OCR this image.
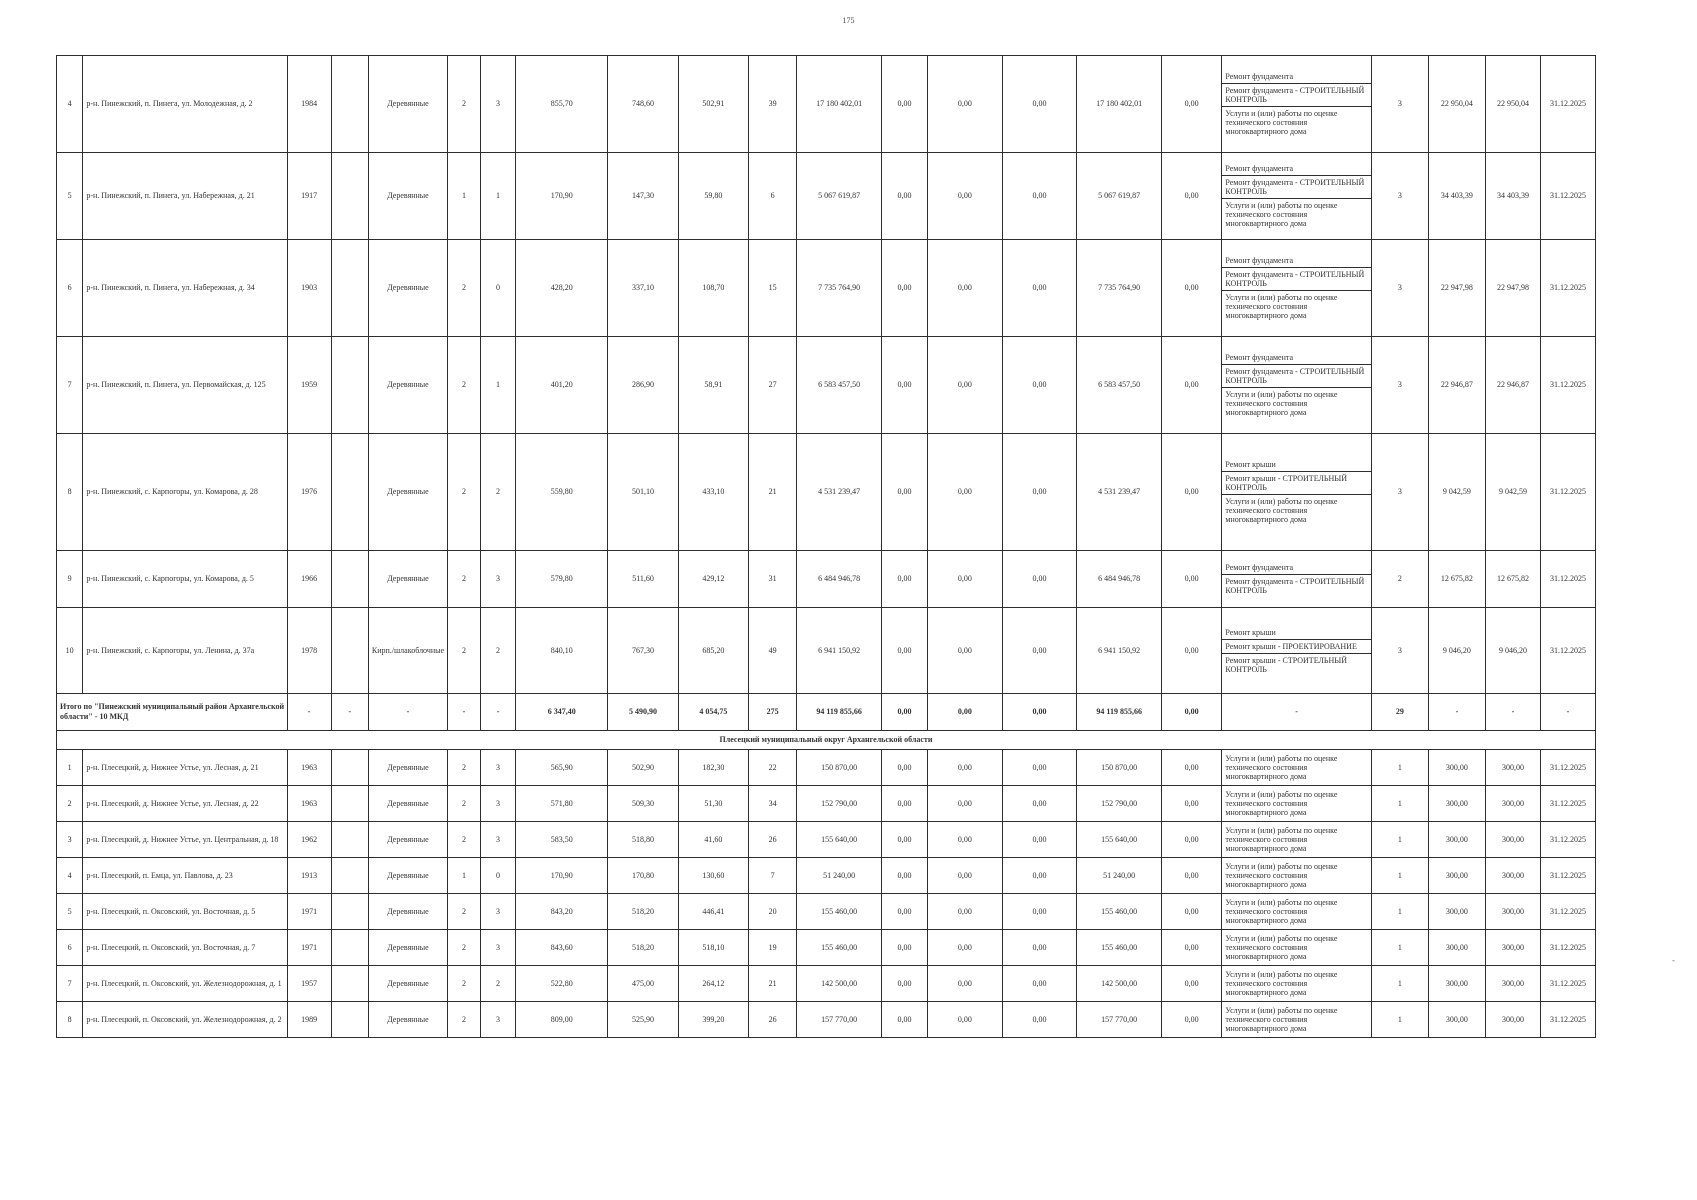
175
4	р-н. Пинежский, п. Пинега, ул. Молодежная, д. 2	1984		Деревянные	2	3	855,70	748,60	502,91	39	17 180 402,01	0,00	0,00	0,00	17 180 402,01	0,00	Ремонт фундамента
Ремонт фундамента - СТРОИТЕЛЬНЫЙ КОНТРОЛЬ
Услуги и (или) работы по оценке технического состояния многоквартирного дома	3	22 950,04	22 950,04	31.12.2025
5	р-н. Пинежский, п. Пинега, ул. Набережная, д. 21	1917		Деревянные	1	1	170,90	147,30	59,80	6	5 067 619,87	0,00	0,00	0,00	5 067 619,87	0,00	Ремонт фундамента
Ремонт фундамента - СТРОИТЕЛЬНЫЙ КОНТРОЛЬ
Услуги и (или) работы по оценке технического состояния многоквартирного дома	3	34 403,39	34 403,39	31.12.2025
6	р-н. Пинежский, п. Пинега, ул. Набережная, д. 34	1903		Деревянные	2	0	428,20	337,10	108,70	15	7 735 764,90	0,00	0,00	0,00	7 735 764,90	0,00	Ремонт фундамента
Ремонт фундамента - СТРОИТЕЛЬНЫЙ КОНТРОЛЬ
Услуги и (или) работы по оценке технического состояния многоквартирного дома	3	22 947,98	22 947,98	31.12.2025
7	р-н. Пинежский, п. Пинега, ул. Первомайская, д. 125	1959		Деревянные	2	1	401,20	286,90	58,91	27	6 583 457,50	0,00	0,00	0,00	6 583 457,50	0,00	Ремонт фундамента
Ремонт фундамента - СТРОИТЕЛЬНЫЙ КОНТРОЛЬ
Услуги и (или) работы по оценке технического состояния многоквартирного дома	3	22 946,87	22 946,87	31.12.2025
8	р-н. Пинежский, с. Карпогоры, ул. Комарова, д. 28	1976		Деревянные	2	2	559,80	501,10	433,10	21	4 531 239,47	0,00	0,00	0,00	4 531 239,47	0,00	Ремонт крыши
Ремонт крыши - СТРОИТЕЛЬНЫЙ КОНТРОЛЬ
Услуги и (или) работы по оценке технического состояния многоквартирного дома	3	9 042,59	9 042,59	31.12.2025
9	р-н. Пинежский, с. Карпогоры, ул. Комарова, д. 5	1966		Деревянные	2	3	579,80	511,60	429,12	31	6 484 946,78	0,00	0,00	0,00	6 484 946,78	0,00	Ремонт фундамента
Ремонт фундамента - СТРОИТЕЛЬНЫЙ КОНТРОЛЬ	2	12 675,82	12 675,82	31.12.2025
10	р-н. Пинежский, с. Карпогоры, ул. Ленина, д. 37а	1978		Кирп./шлакоблочные	2	2	840,10	767,30	685,20	49	6 941 150,92	0,00	0,00	0,00	6 941 150,92	0,00	Ремонт крыши
Ремонт крыши - ПРОЕКТИРОВАНИЕ
Ремонт крыши - СТРОИТЕЛЬНЫЙ КОНТРОЛЬ	3	9 046,20	9 046,20	31.12.2025
Итого по "Пинежский муниципальный район Архангельской области" - 10 МКД		-	-	-	-	-	6 347,40	5 490,90	4 054,75	275	94 119 855,66	0,00	0,00	0,00	94 119 855,66	0,00	-	29	-	-	-
Плесецкий муниципальный округ Архангельской области																					
1	р-н. Плесецкий, д. Нижнее Устье, ул. Лесная, д. 21	1963		Деревянные	2	3	565,90	502,90	182,30	22	150 870,00	0,00	0,00	0,00	150 870,00	0,00	Услуги и (или) работы по оценке технического состояния многоквартирного дома	1	300,00	300,00	31.12.2025
2	р-н. Плесецкий, д. Нижнее Устье, ул. Лесная, д. 22	1963		Деревянные	2	3	571,80	509,30	51,30	34	152 790,00	0,00	0,00	0,00	152 790,00	0,00	Услуги и (или) работы по оценке технического состояния многоквартирного дома	1	300,00	300,00	31.12.2025
3	р-н. Плесецкий, д. Нижнее Устье, ул. Центральная, д. 18	1962		Деревянные	2	3	583,50	518,80	41,60	26	155 640,00	0,00	0,00	0,00	155 640,00	0,00	Услуги и (или) работы по оценке технического состояния многоквартирного дома	1	300,00	300,00	31.12.2025
4	р-н. Плесецкий, п. Емца, ул. Павлова, д. 23	1913		Деревянные	1	0	170,90	170,80	130,60	7	51 240,00	0,00	0,00	0,00	51 240,00	0,00	Услуги и (или) работы по оценке технического состояния многоквартирного дома	1	300,00	300,00	31.12.2025
5	р-н. Плесецкий, п. Оксовский, ул. Восточная, д. 5	1971		Деревянные	2	3	843,20	518,20	446,41	20	155 460,00	0,00	0,00	0,00	155 460,00	0,00	Услуги и (или) работы по оценке технического состояния многоквартирного дома	1	300,00	300,00	31.12.2025
6	р-н. Плесецкий, п. Оксовский, ул. Восточная, д. 7	1971		Деревянные	2	3	843,60	518,20	518,10	19	155 460,00	0,00	0,00	0,00	155 460,00	0,00	Услуги и (или) работы по оценке технического состояния многоквартирного дома	1	300,00	300,00	31.12.2025
7	р-н. Плесецкий, п. Оксовский, ул. Железнодорожная, д. 1	1957		Деревянные	2	2	522,80	475,00	264,12	21	142 500,00	0,00	0,00	0,00	142 500,00	0,00	Услуги и (или) работы по оценке технического состояния многоквартирного дома	1	300,00	300,00	31.12.2025
8	р-н. Плесецкий, п. Оксовский, ул. Железнодорожная, д. 2	1989		Деревянные	2	3	809,00	525,90	399,20	26	157 770,00	0,00	0,00	0,00	157 770,00	0,00	Услуги и (или) работы по оценке технического состояния многоквартирного дома	1	300,00	300,00	31.12.2025
-
